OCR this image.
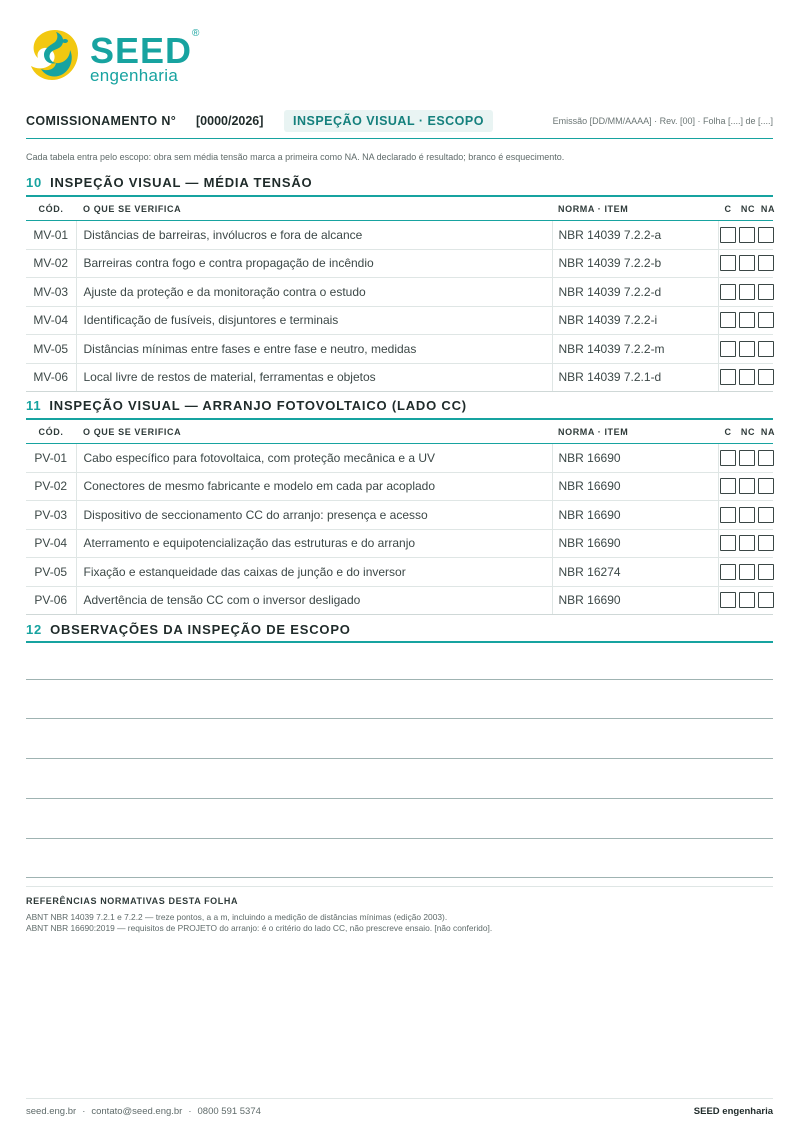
SEED ®
engenharia
COMISSIONAMENTO N° [0000/2026]	INSPEÇÃO VISUAL · ESCOPO	Emissão [DD/MM/AAAA] · Rev. [00] · Folha [....] de [....]
Cada tabela entra pelo escopo: obra sem média tensão marca a primeira como NA. NA declarado é resultado; branco é esquecimento.
10 INSPEÇÃO VISUAL — MÉDIA TENSÃO
CÓD.	O QUE SE VERIFICA	NORMA · ITEM	C NC NA
MV-01	Distâncias de barreiras, invólucros e fora de alcance	NBR 14039 7.2.2-a	
MV-02	Barreiras contra fogo e contra propagação de incêndio	NBR 14039 7.2.2-b	
MV-03	Ajuste da proteção e da monitoração contra o estudo	NBR 14039 7.2.2-d	
MV-04	Identificação de fusíveis, disjuntores e terminais	NBR 14039 7.2.2-i	
MV-05	Distâncias mínimas entre fases e entre fase e neutro, medidas	NBR 14039 7.2.2-m	
MV-06	Local livre de restos de material, ferramentas e objetos	NBR 14039 7.2.1-d	
11 INSPEÇÃO VISUAL — ARRANJO FOTOVOLTAICO (LADO CC)
CÓD.	O QUE SE VERIFICA	NORMA · ITEM	C NC NA
PV-01	Cabo específico para fotovoltaica, com proteção mecânica e a UV	NBR 16690	
PV-02	Conectores de mesmo fabricante e modelo em cada par acoplado	NBR 16690	
PV-03	Dispositivo de seccionamento CC do arranjo: presença e acesso	NBR 16690	
PV-04	Aterramento e equipotencialização das estruturas e do arranjo	NBR 16690	
PV-05	Fixação e estanqueidade das caixas de junção e do inversor	NBR 16274	
PV-06	Advertência de tensão CC com o inversor desligado	NBR 16690	
12 OBSERVAÇÕES DA INSPEÇÃO DE ESCOPO
REFERÊNCIAS NORMATIVAS DESTA FOLHA
ABNT NBR 14039 7.2.1 e 7.2.2 — treze pontos, a a m, incluindo a medição de distâncias mínimas (edição 2003).
ABNT NBR 16690:2019 — requisitos de PROJETO do arranjo: é o critério do lado CC, não prescreve ensaio. [não conferido].
seed.eng.br · contato@seed.eng.br · 0800 591 5374	SEED engenharia
